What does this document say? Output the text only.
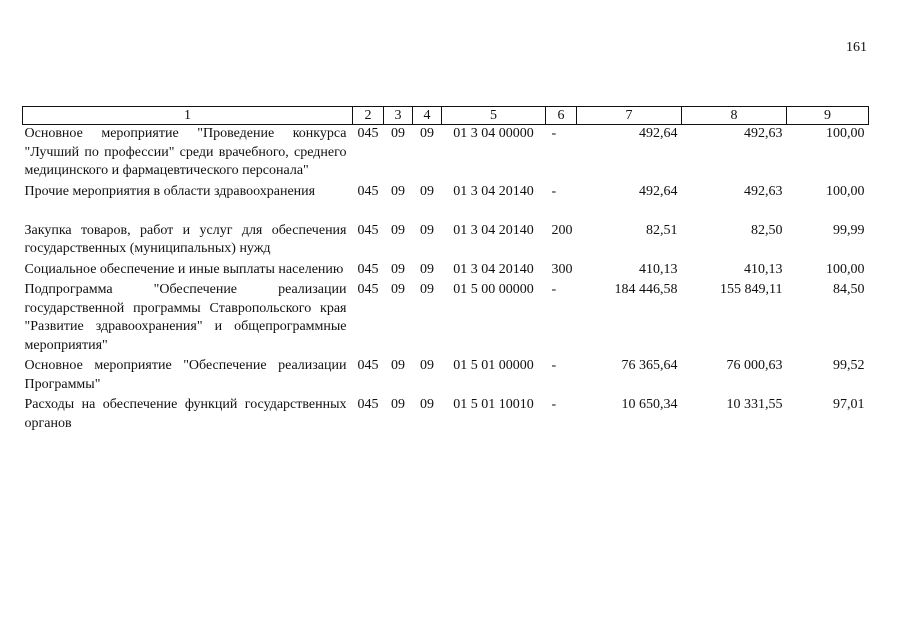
161
1	2	3	4	5	6	7	8	9
Основное мероприятие "Проведение конкурса "Лучший по профессии" среди врачебного, среднего медицинского и фармацевтического персонала"	045	09	09	01 3 04 00000	-	492,64	492,63	100,00
Прочие мероприятия в области здравоохранения	045	09	09	01 3 04 20140	-	492,64	492,63	100,00
Закупка товаров, работ и услуг для обеспечения государственных (муниципальных) нужд	045	09	09	01 3 04 20140	200	82,51	82,50	99,99
Социальное обеспечение и иные выплаты населению	045	09	09	01 3 04 20140	300	410,13	410,13	100,00
Подпрограмма "Обеспечение реализации государственной программы Ставропольского края "Развитие здравоохранения" и общепрограммные мероприятия"	045	09	09	01 5 00 00000	-	184 446,58	155 849,11	84,50
Основное мероприятие "Обеспечение реализации Программы"	045	09	09	01 5 01 00000	-	76 365,64	76 000,63	99,52
Расходы на обеспечение функций государственных органов	045	09	09	01 5 01 10010	-	10 650,34	10 331,55	97,01
